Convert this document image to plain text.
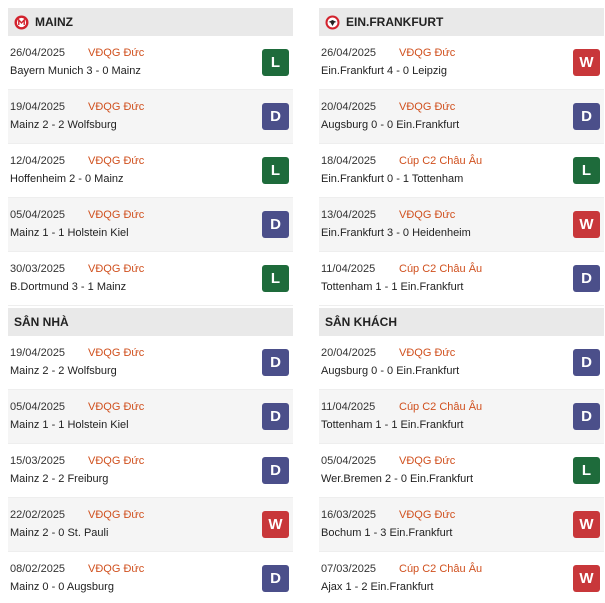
MAINZ
26/04/2025 VĐQG Đức
Bayern Munich 3 - 0 Mainz	L
19/04/2025 VĐQG Đức
Mainz 2 - 2 Wolfsburg	D
12/04/2025 VĐQG Đức
Hoffenheim 2 - 0 Mainz	L
05/04/2025 VĐQG Đức
Mainz 1 - 1 Holstein Kiel	D
30/03/2025 VĐQG Đức
B.Dortmund 3 - 1 Mainz	L
SÂN NHÀ
19/04/2025 VĐQG Đức
Mainz 2 - 2 Wolfsburg	D
05/04/2025 VĐQG Đức
Mainz 1 - 1 Holstein Kiel	D
15/03/2025 VĐQG Đức
Mainz 2 - 2 Freiburg	D
22/02/2025 VĐQG Đức
Mainz 2 - 0 St. Pauli	W
08/02/2025 VĐQG Đức
Mainz 0 - 0 Augsburg	D
EIN.FRANKFURT
26/04/2025 VĐQG Đức
Ein.Frankfurt 4 - 0 Leipzig	W
20/04/2025 VĐQG Đức
Augsburg 0 - 0 Ein.Frankfurt	D
18/04/2025 Cúp C2 Châu Âu
Ein.Frankfurt 0 - 1 Tottenham	L
13/04/2025 VĐQG Đức
Ein.Frankfurt 3 - 0 Heidenheim	W
11/04/2025 Cúp C2 Châu Âu
Tottenham 1 - 1 Ein.Frankfurt	D
SÂN KHÁCH
20/04/2025 VĐQG Đức
Augsburg 0 - 0 Ein.Frankfurt	D
11/04/2025 Cúp C2 Châu Âu
Tottenham 1 - 1 Ein.Frankfurt	D
05/04/2025 VĐQG Đức
Wer.Bremen 2 - 0 Ein.Frankfurt	L
16/03/2025 VĐQG Đức
Bochum 1 - 3 Ein.Frankfurt	W
07/03/2025 Cúp C2 Châu Âu
Ajax 1 - 2 Ein.Frankfurt	W
